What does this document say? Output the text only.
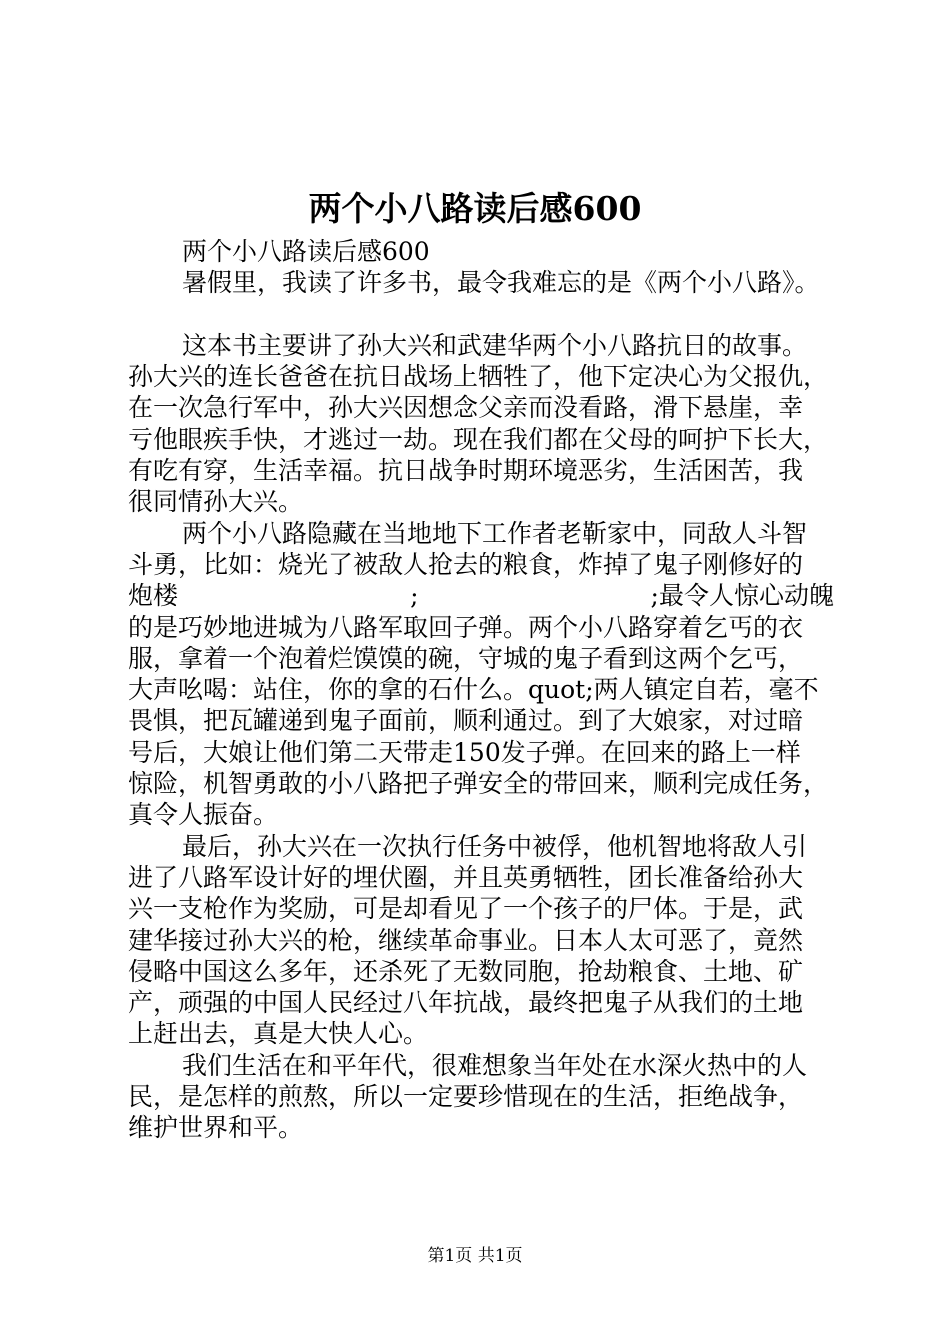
两个小八路读后感600
两个小八路读后感600
暑假里，我读了许多书，最令我难忘的是《两个小八路》。
这本书主要讲了孙大兴和武建华两个小八路抗日的故事。
孙大兴的连长爸爸在抗日战场上牺牲了，他下定决心为父报仇，
在一次急行军中，孙大兴因想念父亲而没看路，滑下悬崖，幸
亏他眼疾手快，才逃过一劫。现在我们都在父母的呵护下长大，
有吃有穿，生活幸福。抗日战争时期环境恶劣，生活困苦，我
很同情孙大兴。
两个小八路隐藏在当地地下工作者老靳家中，同敌人斗智
斗勇，比如：烧光了被敌人抢去的粮食，炸掉了鬼子刚修好的
炮楼	;	;最令人惊心动魄
的是巧妙地进城为八路军取回子弹。两个小八路穿着乞丐的衣
服，拿着一个泡着烂馍馍的碗，守城的鬼子看到这两个乞丐，
大声吆喝：站住，你的拿的石什么。quot;两人镇定自若，毫不
畏惧，把瓦罐递到鬼子面前，顺利通过。到了大娘家，对过暗
号后，大娘让他们第二天带走150发子弹。在回来的路上一样
惊险，机智勇敢的小八路把子弹安全的带回来，顺利完成任务，
真令人振奋。
最后，孙大兴在一次执行任务中被俘，他机智地将敌人引
进了八路军设计好的埋伏圈，并且英勇牺牲，团长准备给孙大
兴一支枪作为奖励，可是却看见了一个孩子的尸体。于是，武
建华接过孙大兴的枪，继续革命事业。日本人太可恶了，竟然
侵略中国这么多年，还杀死了无数同胞，抢劫粮食、土地、矿
产，顽强的中国人民经过八年抗战，最终把鬼子从我们的土地
上赶出去，真是大快人心。
我们生活在和平年代，很难想象当年处在水深火热中的人
民，是怎样的煎熬，所以一定要珍惜现在的生活，拒绝战争，
维护世界和平。
第1页 共1页
